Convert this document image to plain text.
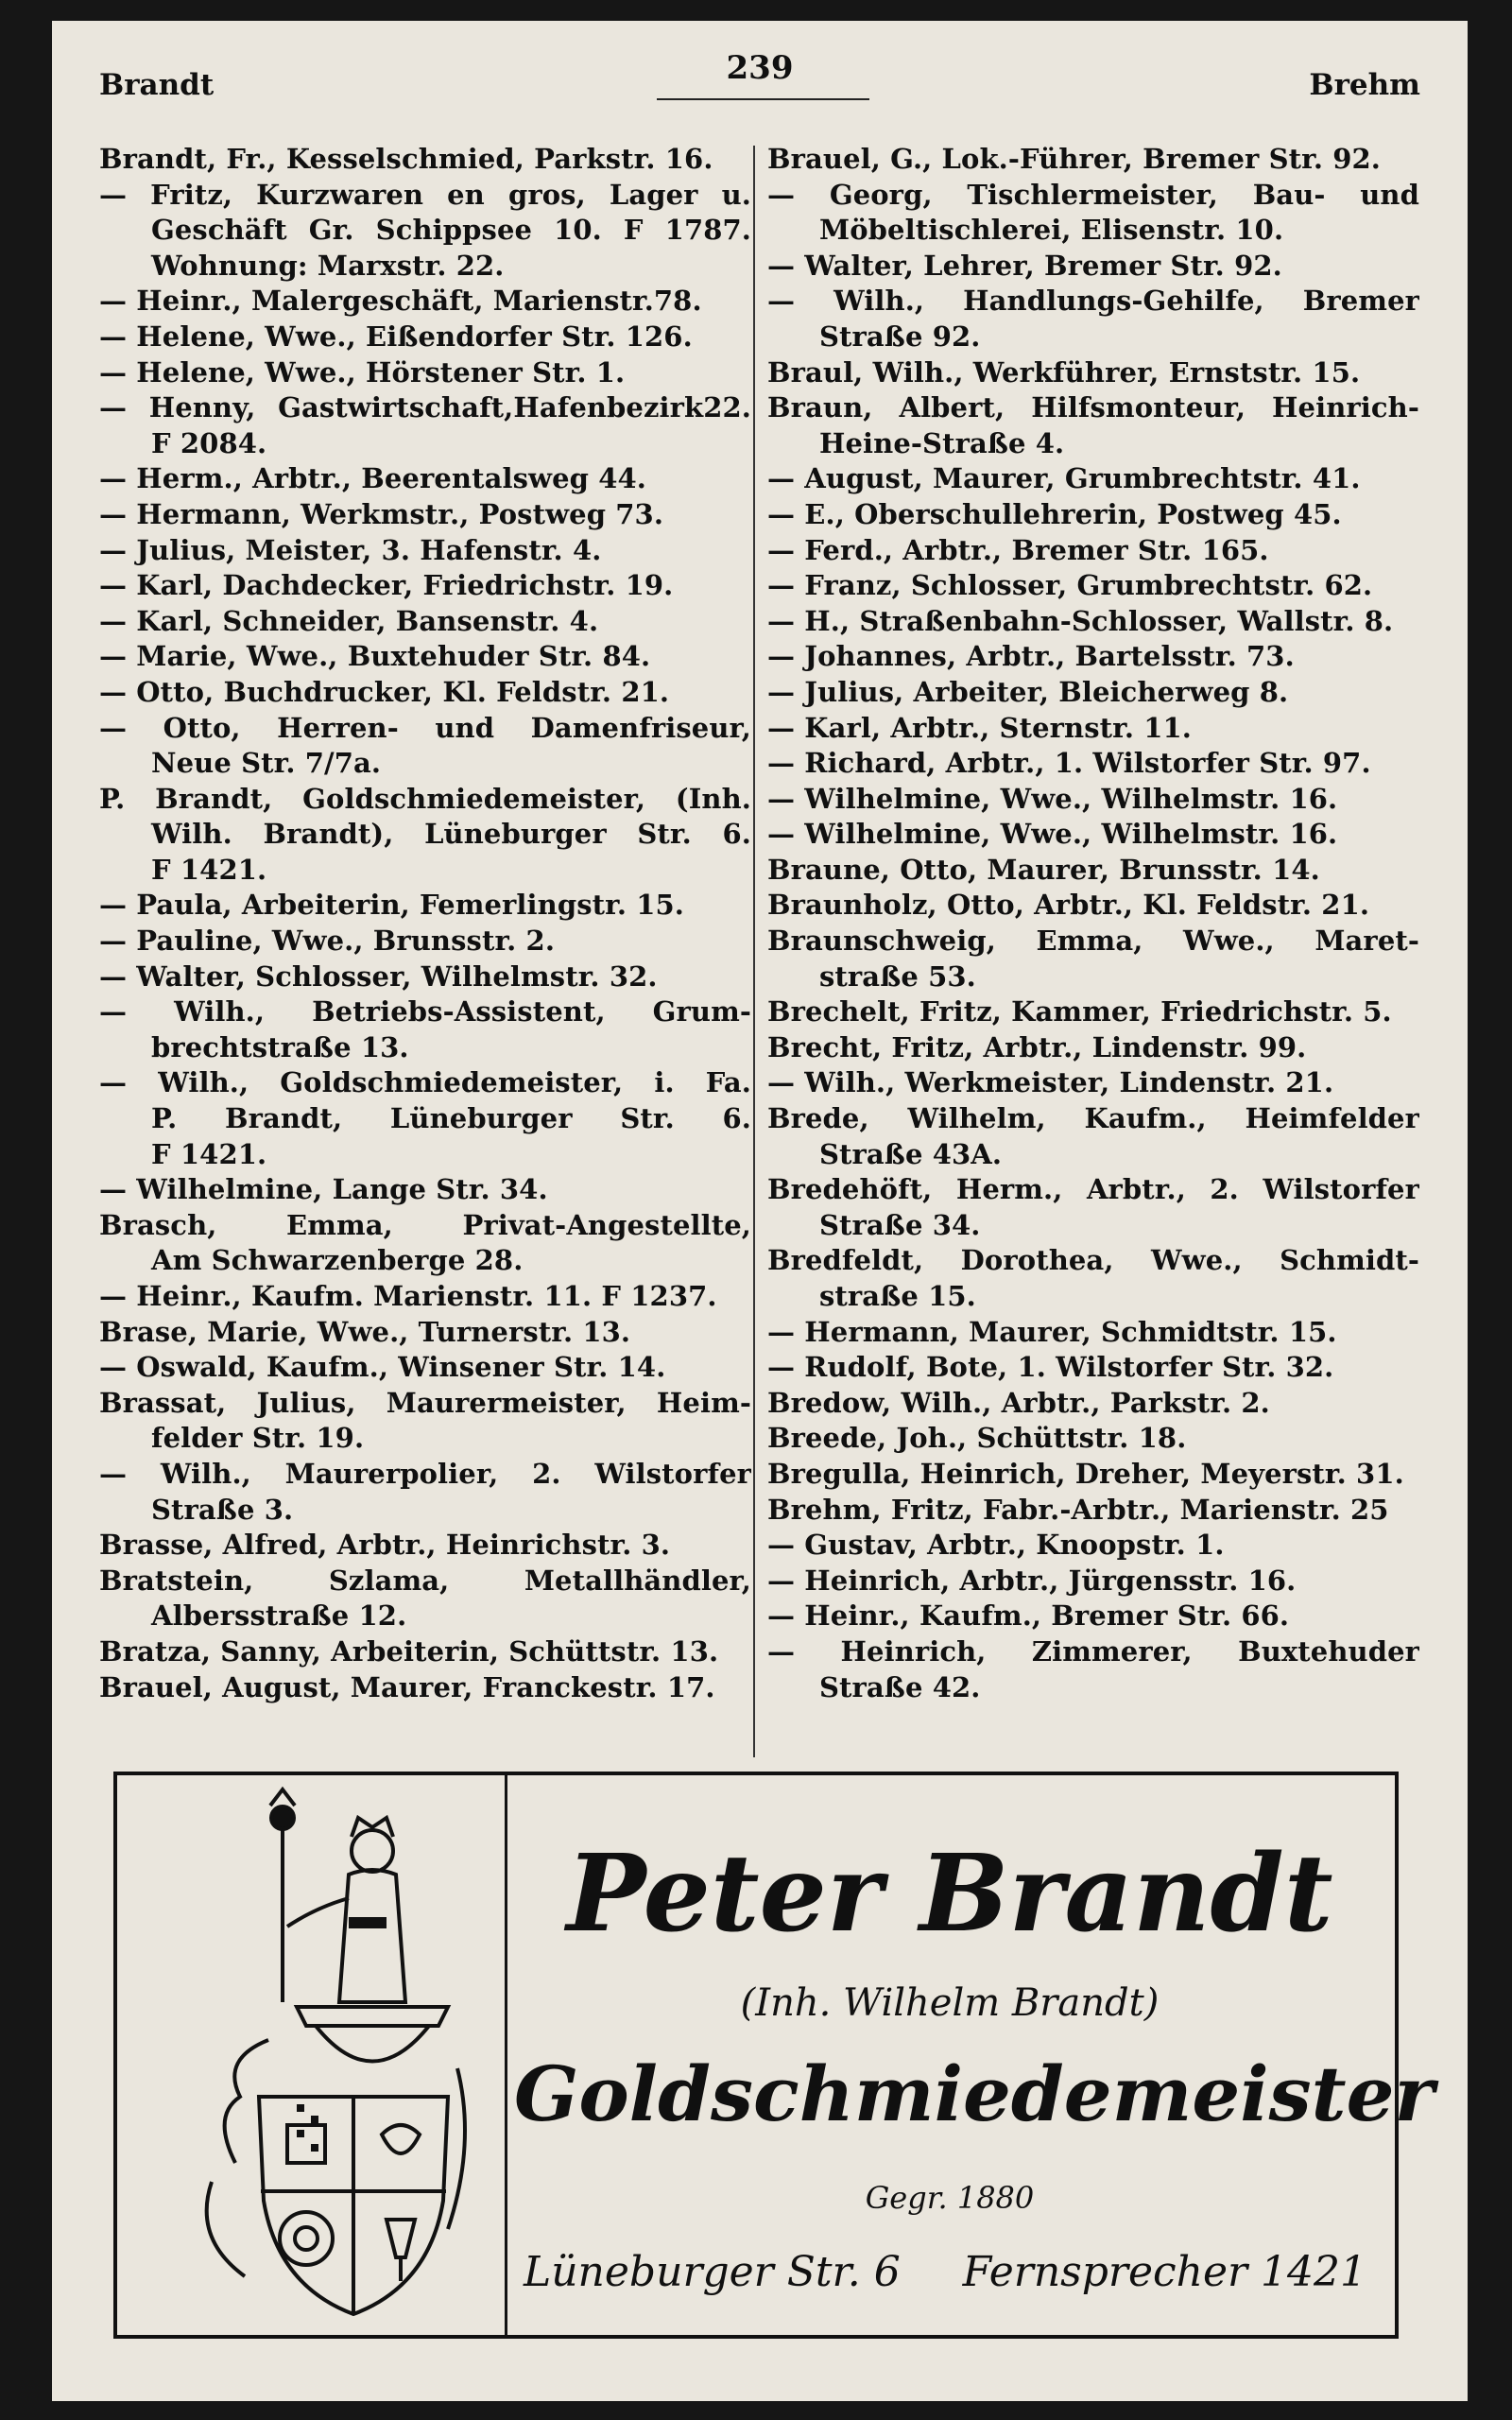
Brandt	239	Brehm
Brandt, Fr., Kesselschmied, Parkstr. 16.
— Fritz, Kurzwaren en gros, Lager u.
Geschäft Gr. Schippsee 10. F 1787.
Wohnung: Marxstr. 22.
— Heinr., Malergeschäft, Marienstr.78.
— Helene, Wwe., Eißendorfer Str. 126.
— Helene, Wwe., Hörstener Str. 1.
— Henny, Gastwirtschaft,Hafenbezirk22.
F 2084.
— Herm., Arbtr., Beerentalsweg 44.
— Hermann, Werkmstr., Postweg 73.
— Julius, Meister, 3. Hafenstr. 4.
— Karl, Dachdecker, Friedrichstr. 19.
— Karl, Schneider, Bansenstr. 4.
— Marie, Wwe., Buxtehuder Str. 84.
— Otto, Buchdrucker, Kl. Feldstr. 21.
— Otto, Herren- und Damenfriseur,
Neue Str. 7/7a.
P. Brandt, Goldschmiedemeister, (Inh.
Wilh. Brandt), Lüneburger Str. 6.
F 1421.
— Paula, Arbeiterin, Femerlingstr. 15.
— Pauline, Wwe., Brunsstr. 2.
— Walter, Schlosser, Wilhelmstr. 32.
— Wilh., Betriebs-Assistent, Grum-
brechtstraße 13.
— Wilh., Goldschmiedemeister, i. Fa.
P. Brandt, Lüneburger Str. 6.
F 1421.
— Wilhelmine, Lange Str. 34.
Brasch, Emma, Privat-Angestellte,
Am Schwarzenberge 28.
— Heinr., Kaufm. Marienstr. 11. F 1237.
Brase, Marie, Wwe., Turnerstr. 13.
— Oswald, Kaufm., Winsener Str. 14.
Brassat, Julius, Maurermeister, Heim-
felder Str. 19.
— Wilh., Maurerpolier, 2. Wilstorfer
Straße 3.
Brasse, Alfred, Arbtr., Heinrichstr. 3.
Bratstein, Szlama, Metallhändler,
Albersstraße 12.
Bratza, Sanny, Arbeiterin, Schüttstr. 13.
Brauel, August, Maurer, Franckestr. 17.
Brauel, G., Lok.-Führer, Bremer Str. 92.
— Georg, Tischlermeister, Bau- und
Möbeltischlerei, Elisenstr. 10.
— Walter, Lehrer, Bremer Str. 92.
— Wilh., Handlungs-Gehilfe, Bremer
Straße 92.
Braul, Wilh., Werkführer, Ernststr. 15.
Braun, Albert, Hilfsmonteur, Heinrich-
Heine-Straße 4.
— August, Maurer, Grumbrechtstr. 41.
— E., Oberschullehrerin, Postweg 45.
— Ferd., Arbtr., Bremer Str. 165.
— Franz, Schlosser, Grumbrechtstr. 62.
— H., Straßenbahn-Schlosser, Wallstr. 8.
— Johannes, Arbtr., Bartelsstr. 73.
— Julius, Arbeiter, Bleicherweg 8.
— Karl, Arbtr., Sternstr. 11.
— Richard, Arbtr., 1. Wilstorfer Str. 97.
— Wilhelmine, Wwe., Wilhelmstr. 16.
— Wilhelmine, Wwe., Wilhelmstr. 16.
Braune, Otto, Maurer, Brunsstr. 14.
Braunholz, Otto, Arbtr., Kl. Feldstr. 21.
Braunschweig, Emma, Wwe., Maret-
straße 53.
Brechelt, Fritz, Kammer, Friedrichstr. 5.
Brecht, Fritz, Arbtr., Lindenstr. 99.
— Wilh., Werkmeister, Lindenstr. 21.
Brede, Wilhelm, Kaufm., Heimfelder
Straße 43A.
Bredehöft, Herm., Arbtr., 2. Wilstorfer
Straße 34.
Bredfeldt, Dorothea, Wwe., Schmidt-
straße 15.
— Hermann, Maurer, Schmidtstr. 15.
— Rudolf, Bote, 1. Wilstorfer Str. 32.
Bredow, Wilh., Arbtr., Parkstr. 2.
Breede, Joh., Schüttstr. 18.
Bregulla, Heinrich, Dreher, Meyerstr. 31.
Brehm, Fritz, Fabr.-Arbtr., Marienstr. 25
— Gustav, Arbtr., Knoopstr. 1.
— Heinrich, Arbtr., Jürgensstr. 16.
— Heinr., Kaufm., Bremer Str. 66.
— Heinrich, Zimmerer, Buxtehuder
Straße 42.
Peter Brandt
(Inh. Wilhelm Brandt)
Goldschmiedemeister
Gegr. 1880
Lüneburger Str. 6 Fernsprecher 1421
